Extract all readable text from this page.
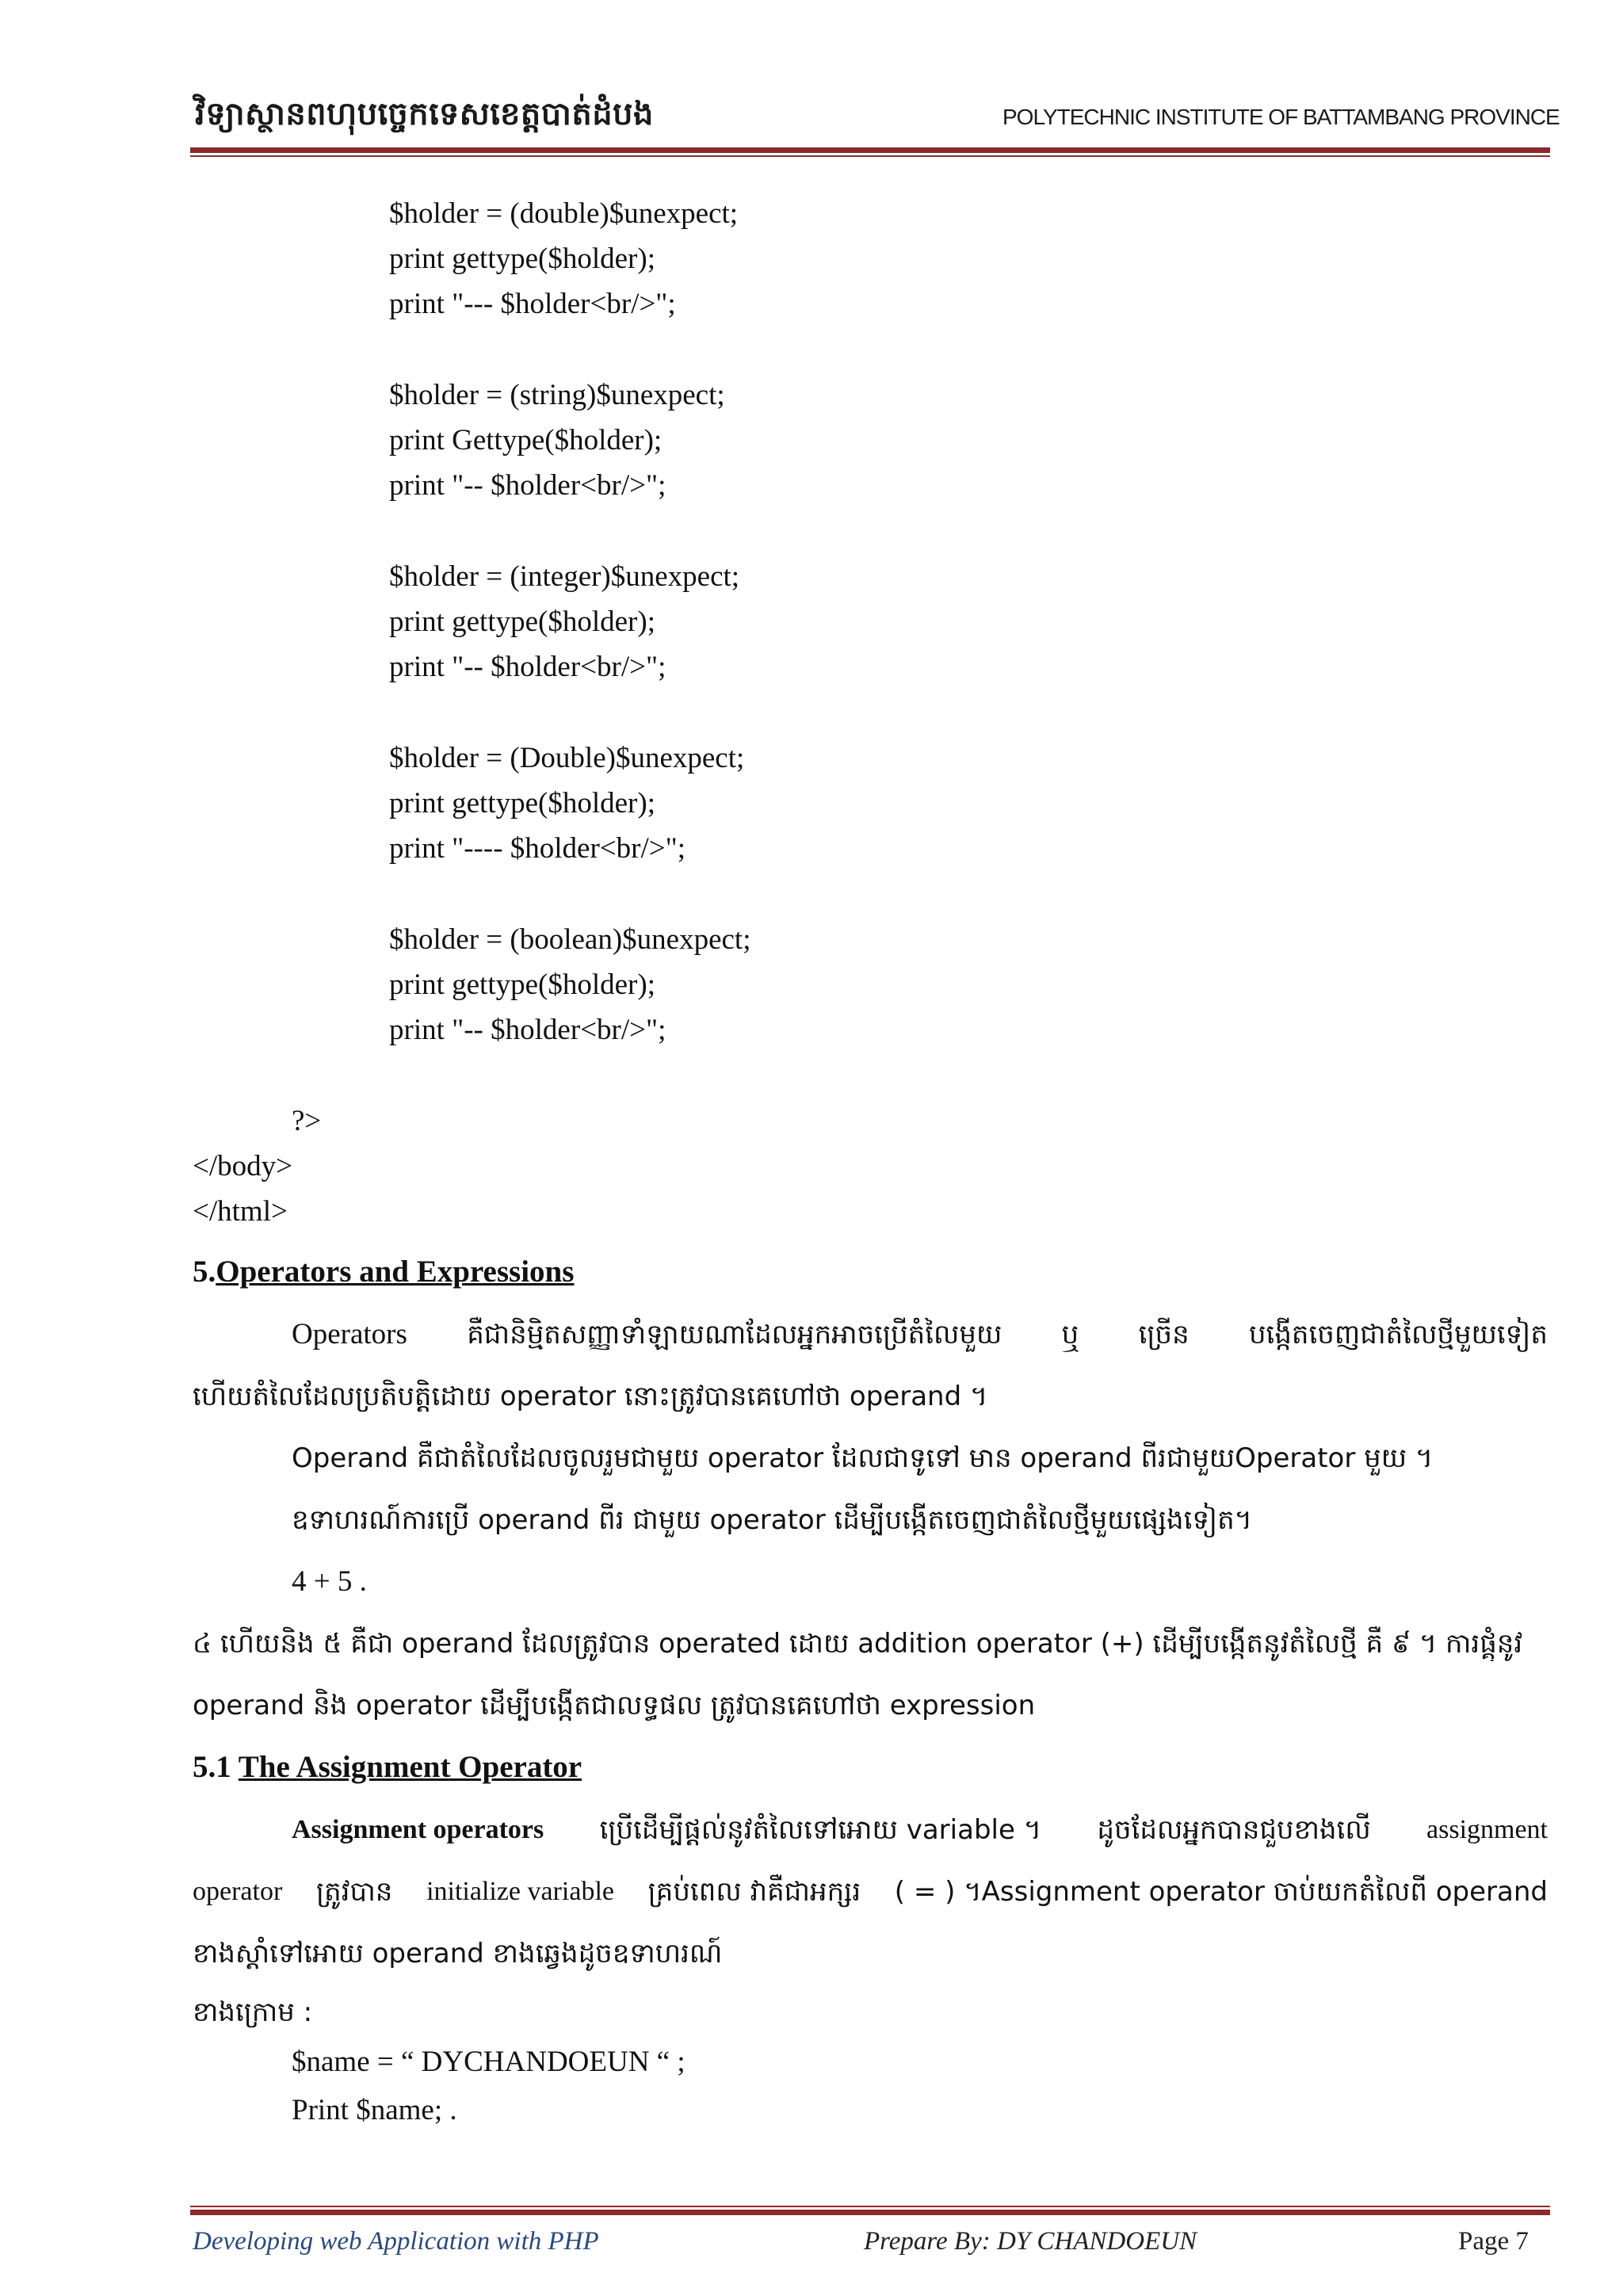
វិទ្យាស្ថានពហុបច្ចេកទេសខេត្តបាត់ដំបង	POLYTECHNIC INSTITUTE OF BATTAMBANG PROVINCE
$holder = (double)$unexpect;
print gettype($holder);
print "--- $holder<br/>";
$holder = (string)$unexpect;
print Gettype($holder);
print "-- $holder<br/>";
$holder = (integer)$unexpect;
print gettype($holder);
print "-- $holder<br/>";
$holder = (Double)$unexpect;
print gettype($holder);
print "---- $holder<br/>";
$holder = (boolean)$unexpect;
print gettype($holder);
print "-- $holder<br/>";
?>
</body>
</html>
5.Operators and Expressions
Operators គឺជានិម្មិតសញ្ញាទាំឡាយណាដែលអ្នកអាចប្រើតំលៃមួយ ឬ ច្រើន បង្កើតចេញជាតំលៃថ្មីមួយទៀត
ហើយតំលៃដែលប្រតិបត្តិដោយ operator នោះត្រូវបានគេហៅថា operand ។
Operand គឺជាតំលៃដែលចូលរួមជាមួយ operator ដែលជាទូទៅ មាន operand ពីរជាមួយOperator មួយ ។
ឧទាហរណ៍ការប្រើ operand ពីរ ជាមួយ operator ដើម្បីបង្កើតចេញជាតំលៃថ្មីមួយផ្សេងទៀត។
4 + 5 .
៤ ហើយនិង ៥ គឺជា operand ដែលត្រូវបាន operated ដោយ addition operator (+) ដើម្បីបង្កើតនូវតំលៃថ្មី គឺ ៩ ។ ការផ្គុំនូវ
operand និង operator ដើម្បីបង្កើតជាលទ្ធផល ត្រូវបានគេហៅថា expression
5.1 The Assignment Operator
Assignment operators ប្រើដើម្បីផ្តល់នូវតំលៃទៅអោយ variable ។ ដូចដែលអ្នកបានជួបខាងលើ assignment
operator ត្រូវបាន initialize variable គ្រប់ពេល វាគឺជាអក្សរ ( = ) ។Assignment operator ចាប់យកតំលៃពី operand
ខាងស្តាំទៅអោយ operand ខាងឆ្វេងដូចឧទាហរណ៍
ខាងក្រោម :
$name = “ DYCHANDOEUN “ ;
Print $name; .
Developing web Application with PHP	Prepare By: DY CHANDOEUN	Page 7
